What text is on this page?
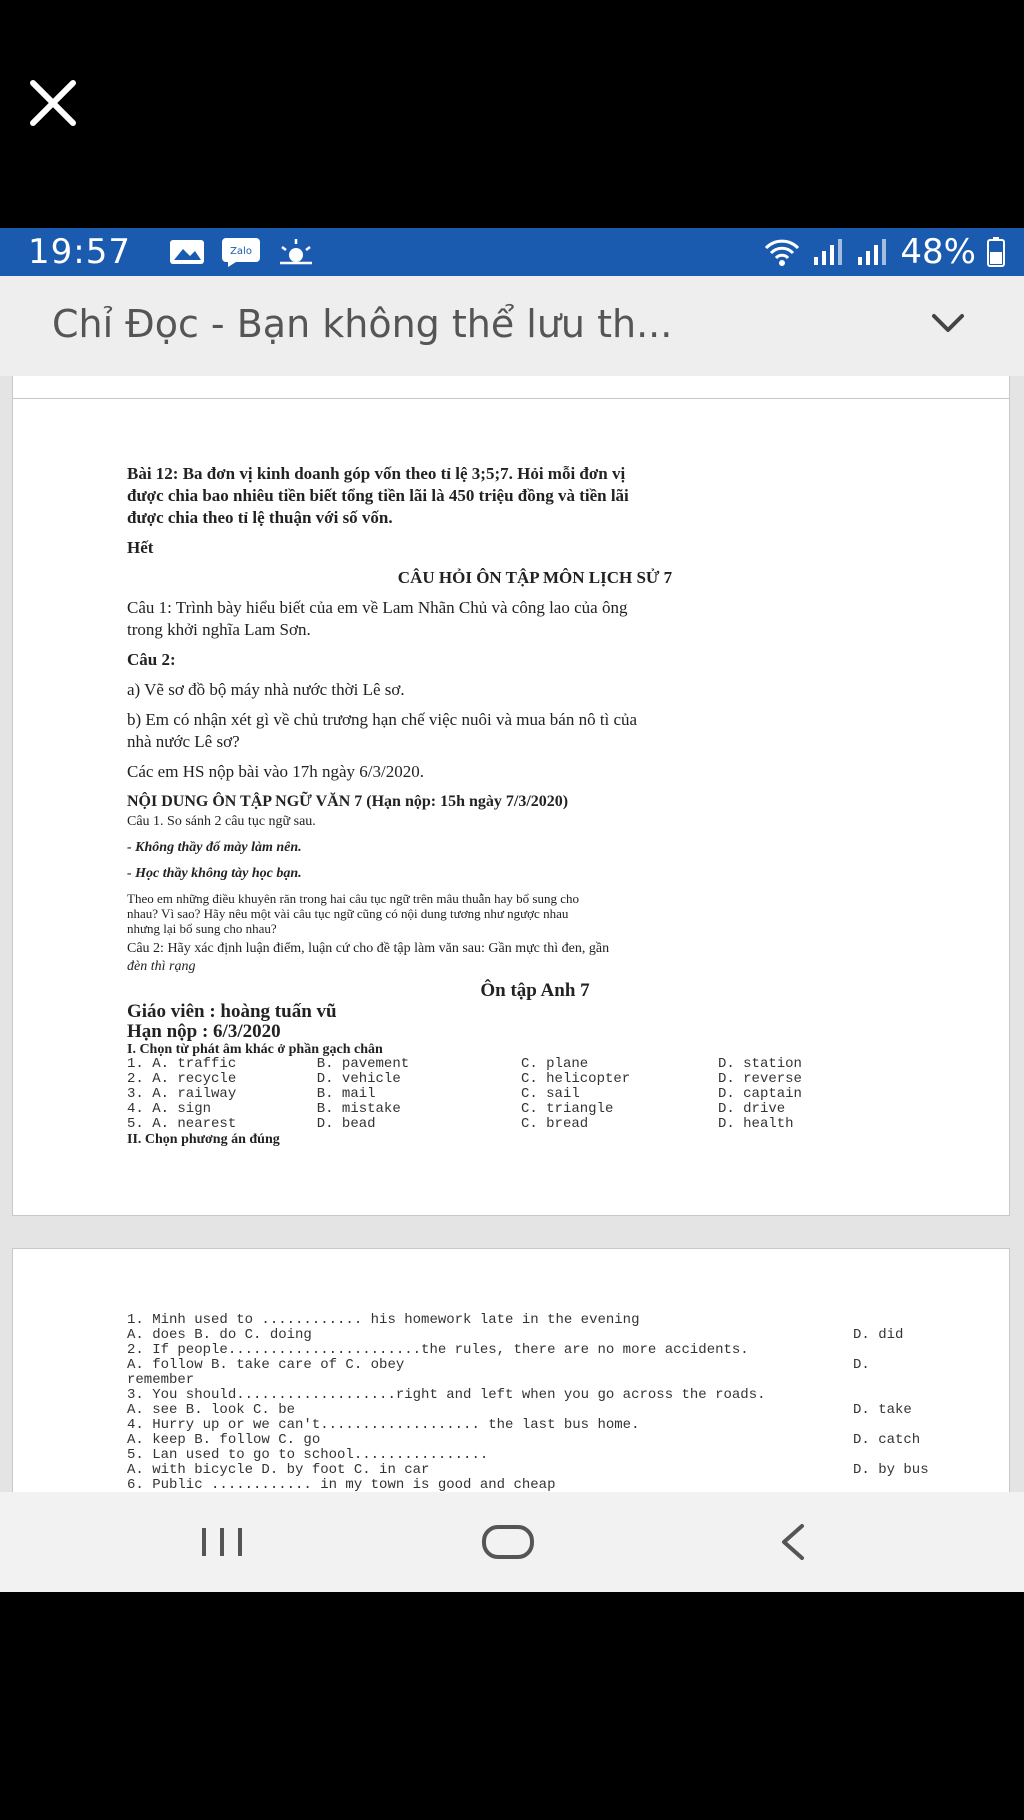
19:57	Zalo	48%
Chỉ Đọc - Bạn không thể lưu th...

Bài 12: Ba đơn vị kinh doanh góp vốn theo tỉ lệ 3;5;7. Hỏi mỗi đơn vị

được chia bao nhiêu tiền biết tổng tiền lãi là 450 triệu đồng và tiền lãi

được chia theo tỉ lệ thuận với số vốn.

Hết

CÂU HỎI ÔN TẬP MÔN LỊCH SỬ 7

Câu 1: Trình bày hiểu biết của em về Lam Nhãn Chủ và công lao của ông

trong khởi nghĩa Lam Sơn.

Câu 2:

a) Vẽ sơ đồ bộ máy nhà nước thời Lê sơ.

b) Em có nhận xét gì về chủ trương hạn chế việc nuôi và mua bán nô tì của

nhà nước Lê sơ?

Các em HS nộp bài vào 17h ngày 6/3/2020.

NỘI DUNG ÔN TẬP NGỮ VĂN 7 (Hạn nộp: 15h ngày 7/3/2020)

Câu 1. So sánh 2 câu tục ngữ sau.

- Không thầy đố mày làm nên.

- Học thầy không tày học bạn.

Theo em những điều khuyên răn trong hai câu tục ngữ trên mâu thuẫn hay bổ sung cho

nhau? Vì sao? Hãy nêu một vài câu tục ngữ cũng có nội dung tương như ngược nhau

nhưng lại bổ sung cho nhau?

Câu 2: Hãy xác định luận điểm, luận cứ cho đề tập làm văn sau: Gần mực thì đen, gần

đèn thì rạng

Ôn tập Anh 7

Giáo viên : hoàng tuấn vũ

Hạn nộp : 6/3/2020

I. Chọn từ phát âm khác ở phần gạch chân

1. A. traffic	B. pavement	C. plane	D. station
2. A. recycle	D. vehicle	C. helicopter	D. reverse
3. A. railway	B. mail	C. sail	D. captain
4. A. sign	B. mistake	C. triangle	D. drive
5. A. nearest	D. bead	C. bread	D. health

II. Chọn phương án đúng

1. Minh used to ............ his homework late in the evening
A. does B. do C. doing	D. did
2. If people.......................the rules, there are no more accidents.
A. follow B. take care of C. obey	D.
remember
3. You should...................right and left when you go across the roads.
A. see B. look C. be	D. take
4. Hurry up or we can't................... the last bus home.
A. keep B. follow C. go	D. catch
5. Lan used to go to school................
A. with bicycle D. by foot C. in car	D. by bus
6. Public ............ in my town is good and cheap
